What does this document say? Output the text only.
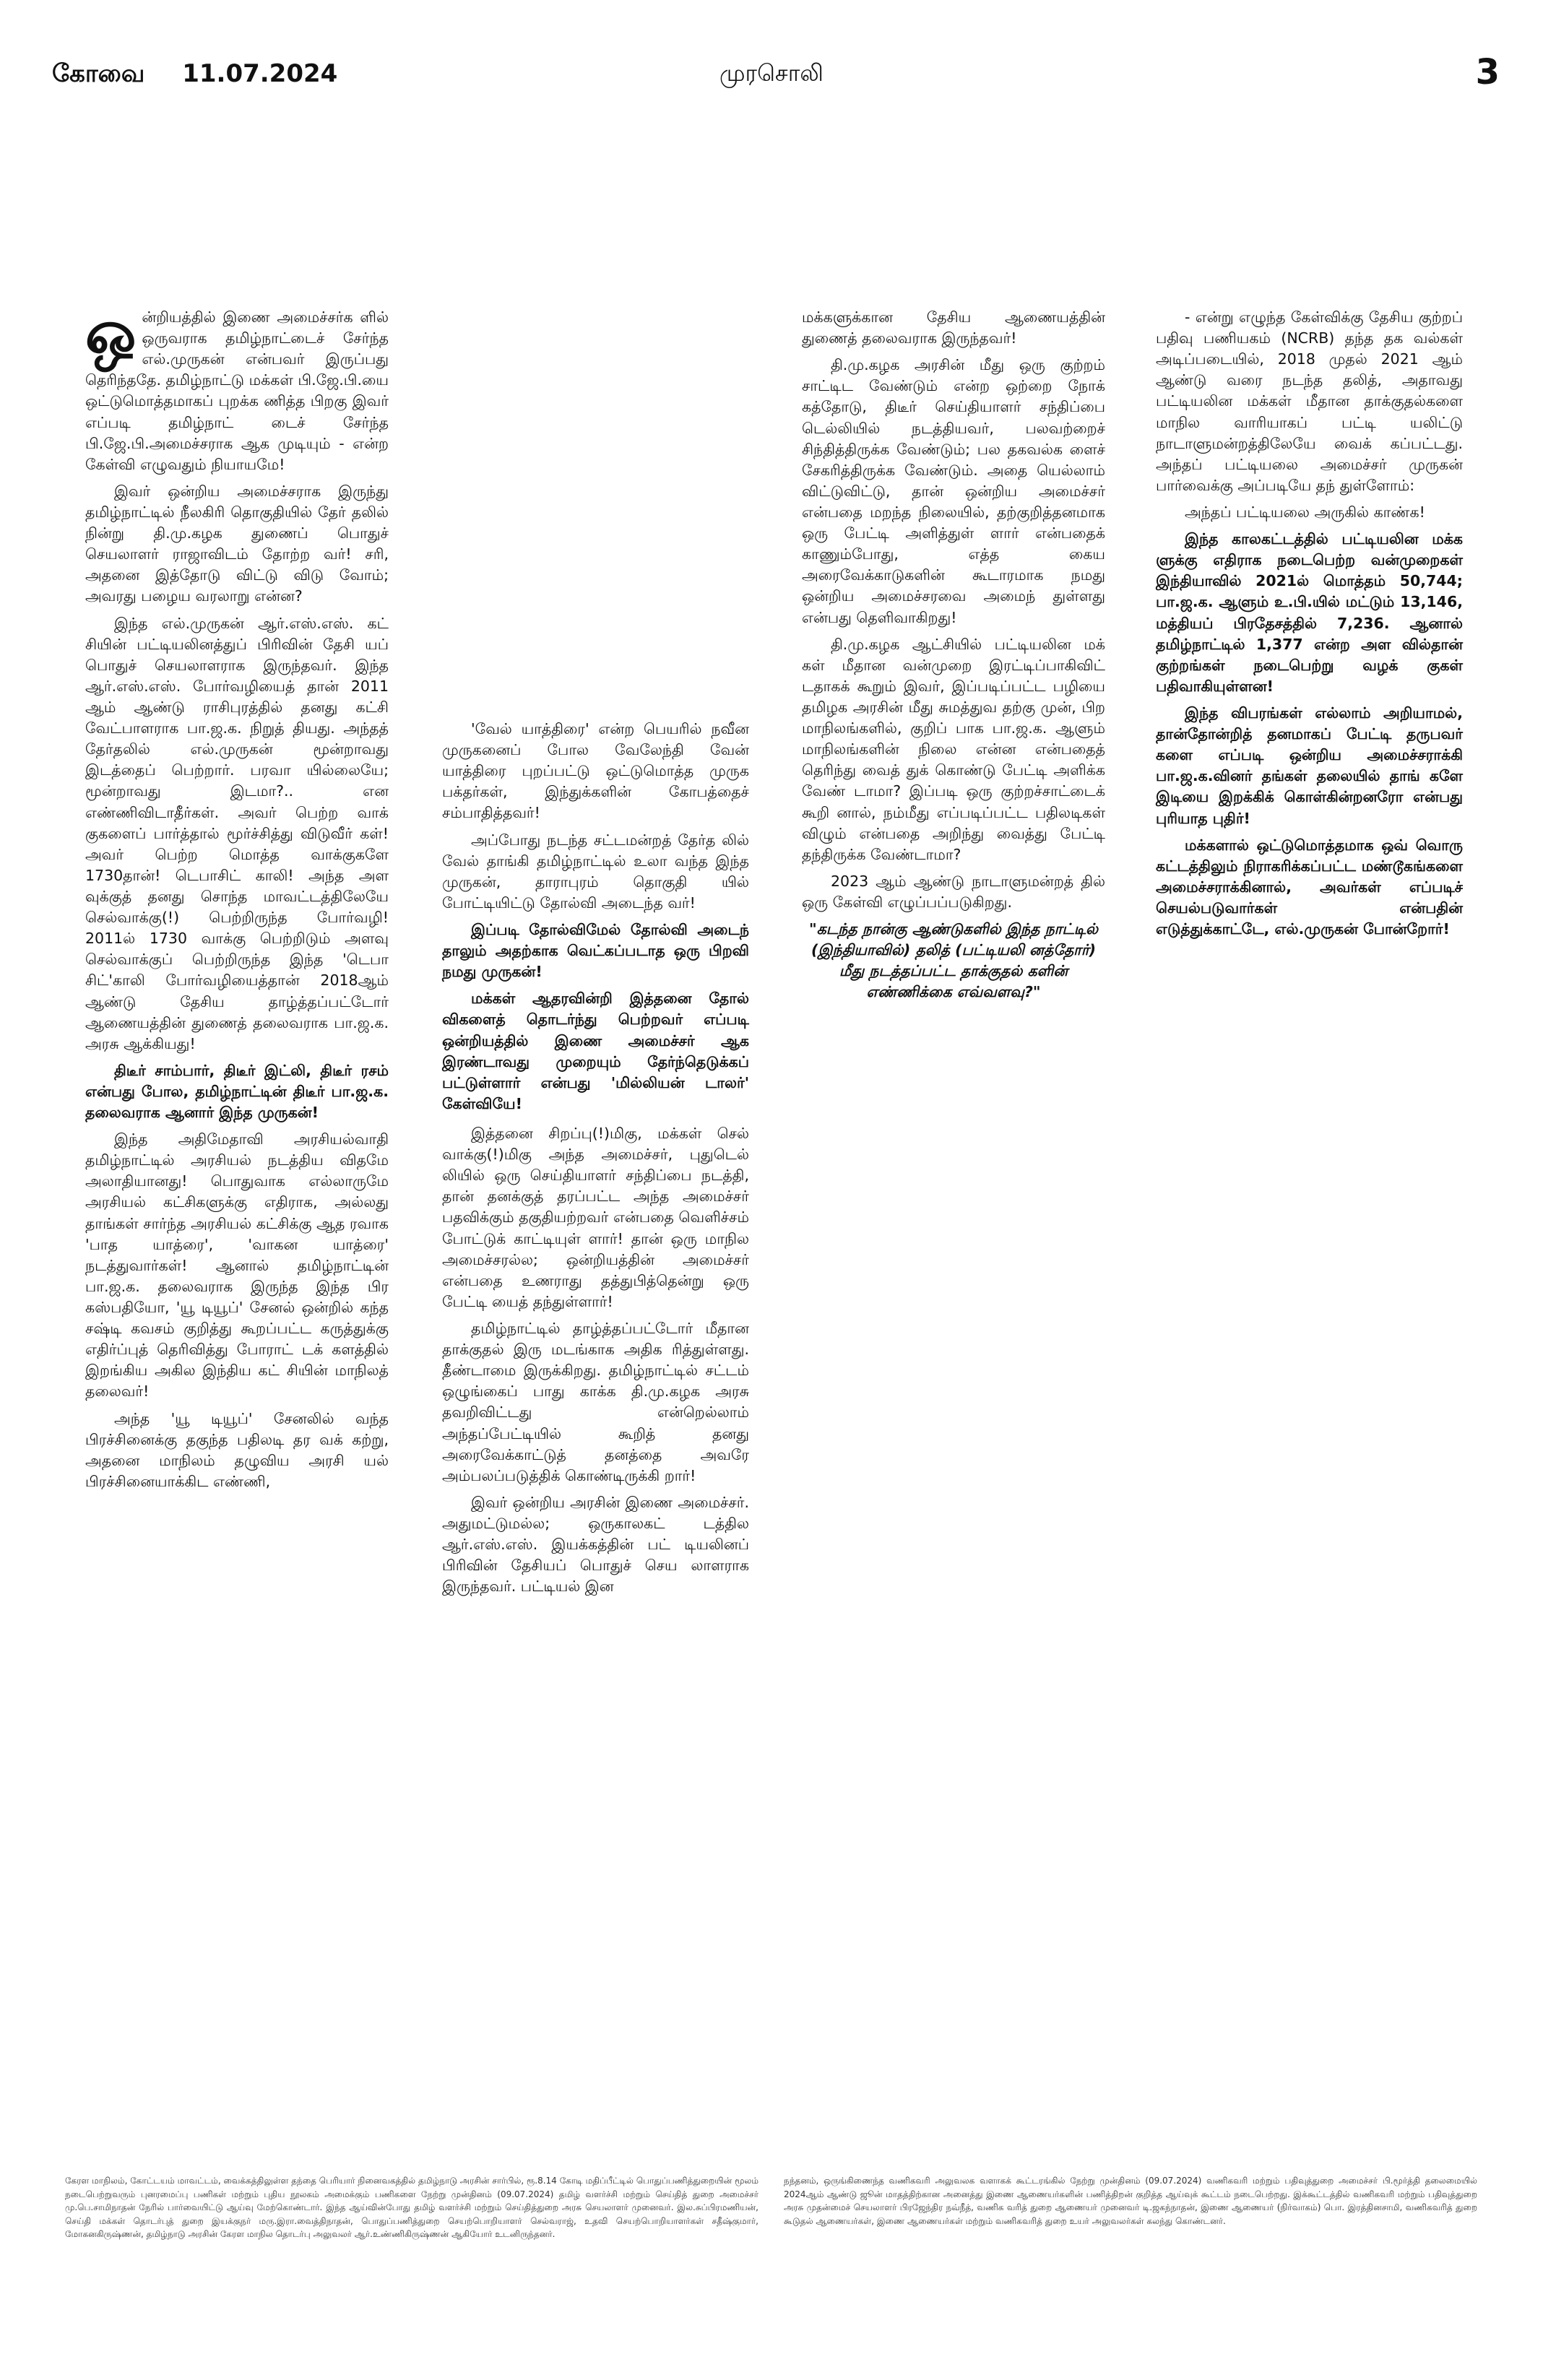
கோவை 11.07.2024	முரசொலி	3

ஒன்றியத்தில் இணை அமைச்சர்க ளில் ஒருவராக தமிழ்நாட்டைச் சேர்ந்த எல்.முருகன் என்பவர் இருப்பது தெரிந்ததே. தமிழ்நாட்டு மக்கள் பி.ஜே.பி.யை ஒட்டுமொத்தமாகப் புறக்க ணித்த பிறகு இவர் எப்படி தமிழ்நாட் டைச் சேர்ந்த பி.ஜே.பி.அமைச்சராக ஆக முடியும் - என்ற கேள்வி எழுவதும் நியாயமே!

இவர் ஒன்றிய அமைச்சராக இருந்து தமிழ்நாட்டில் நீலகிரி தொகுதியில் தேர் தலில் நின்று தி.மு.கழக துணைப் பொதுச் செயலாளர் ராஜாவிடம் தோற்ற வர்! சரி, அதனை இத்தோடு விட்டு விடு வோம்; அவரது பழைய வரலாறு என்ன?

இந்த எல்.முருகன் ஆர்.எஸ்.எஸ். கட் சியின் பட்டியலினத்துப் பிரிவின் தேசி யப் பொதுச் செயலாளராக இருந்தவர். இந்த ஆர்.எஸ்.எஸ். போர்வழியைத் தான் 2011 ஆம் ஆண்டு ராசிபுரத்தில் தனது கட்சி வேட்பாளராக பா.ஜ.க. நிறுத் தியது. அந்தத் தேர்தலில் எல்.முருகன் மூன்றாவது இடத்தைப் பெற்றார். பரவா யில்லையே; மூன்றாவது இடமா?.. என எண்ணிவிடாதீர்கள். அவர் பெற்ற வாக் குகளைப் பார்த்தால் மூர்ச்சித்து விடுவீர் கள்! அவர் பெற்ற மொத்த வாக்குகளே 1730தான்! டெபாசிட் காலி! அந்த அள வுக்குத் தனது சொந்த மாவட்டத்திலேயே செல்வாக்கு(!) பெற்றிருந்த போர்வழி! 2011ல் 1730 வாக்கு பெற்றிடும் அளவு செல்வாக்குப் பெற்றிருந்த இந்த 'டெபா சிட்'காலி போர்வழியைத்தான் 2018ஆம் ஆண்டு தேசிய தாழ்த்தப்பட்டோர் ஆணையத்தின் துணைத் தலைவராக பா.ஜ.க. அரசு ஆக்கியது!

திடீர் சாம்பார், திடீர் இட்லி, திடீர் ரசம் என்பது போல, தமிழ்நாட்டின் திடீர் பா.ஜ.க. தலைவராக ஆனார் இந்த முருகன்!

இந்த அதிமேதாவி அரசியல்வாதி தமிழ்நாட்டில் அரசியல் நடத்திய விதமே அலாதியானது! பொதுவாக எல்லாருமே அரசியல் கட்சிகளுக்கு எதிராக, அல்லது தாங்கள் சார்ந்த அரசியல் கட்சிக்கு ஆத ரவாக 'பாத யாத்ரை', 'வாகன யாத்ரை' நடத்துவார்கள்! ஆனால் தமிழ்நாட்டின் பா.ஜ.க. தலைவராக இருந்த இந்த பிர கஸ்பதியோ, 'யூ டியூப்' சேனல் ஒன்றில் கந்த சஷ்டி கவசம் குறித்து கூறப்பட்ட கருத்துக்கு எதிர்ப்புத் தெரிவித்து போராட் டக் களத்தில் இறங்கிய அகில இந்திய கட் சியின் மாநிலத் தலைவர்!

அந்த 'யூ டியூப்' சேனலில் வந்த பிரச்சினைக்கு தகுந்த பதிலடி தர வக் கற்று, அதனை மாநிலம் தழுவிய அரசி யல் பிரச்சினையாக்கிட எண்ணி,

'வேல் யாத்திரை' என்ற பெயரில் நவீன முருகனைப் போல வேலேந்தி வேன் யாத்திரை புறப்பட்டு ஒட்டுமொத்த முருக பக்தர்கள், இந்துக்களின் கோபத்தைச் சம்பாதித்தவர்!

அப்போது நடந்த சட்டமன்றத் தேர்த லில் வேல் தாங்கி தமிழ்நாட்டில் உலா வந்த இந்த முருகன், தாராபுரம் தொகுதி யில் போட்டியிட்டு தோல்வி அடைந்த வர்!

இப்படி தோல்விமேல் தோல்வி அடைந் தாலும் அதற்காக வெட்கப்படாத ஒரு பிறவி நமது முருகன்!

மக்கள் ஆதரவின்றி இத்தனை தோல் விகளைத் தொடர்ந்து பெற்றவர் எப்படி ஒன்றியத்தில் இணை அமைச்சர் ஆக இரண்டாவது முறையும் தேர்ந்தெடுக்கப் பட்டுள்ளார் என்பது 'மில்லியன் டாலர்' கேள்வியே!

இத்தனை சிறப்பு(!)மிகு, மக்கள் செல் வாக்கு(!)மிகு அந்த அமைச்சர், புதுடெல் லியில் ஒரு செய்தியாளர் சந்திப்பை நடத்தி, தான் தனக்குத் தரப்பட்ட அந்த அமைச்சர் பதவிக்கும் தகுதியற்றவர் என்பதை வெளிச்சம் போட்டுக் காட்டியுள் ளார்! தான் ஒரு மாநில அமைச்சரல்ல; ஒன்றியத்தின் அமைச்சர் என்பதை உணராது தத்துபித்தென்று ஒரு பேட்டி யைத் தந்துள்ளார்!

தமிழ்நாட்டில் தாழ்த்தப்பட்டோர் மீதான தாக்குதல் இரு மடங்காக அதிக ரித்துள்ளது. தீண்டாமை இருக்கிறது. தமிழ்நாட்டில் சட்டம் ஒழுங்கைப் பாது காக்க தி.மு.கழக அரசு தவறிவிட்டது என்றெல்லாம் அந்தப்பேட்டியில் கூறித் தனது அரைவேக்காட்டுத் தனத்தை அவரே அம்பலப்படுத்திக் கொண்டிருக்கி றார்!

இவர் ஒன்றிய அரசின் இணை அமைச்சர். அதுமட்டுமல்ல; ஒருகாலகட் டத்தில ஆர்.எஸ்.எஸ். இயக்கத்தின் பட் டியலினப் பிரிவின் தேசியப் பொதுச் செய லாளராக இருந்தவர். பட்டியல் இன

மக்களுக்கான தேசிய ஆணையத்தின் துணைத் தலைவராக இருந்தவர்!

தி.மு.கழக அரசின் மீது ஒரு குற்றம் சாட்டிட வேண்டும் என்ற ஒற்றை நோக் கத்தோடு, திடீர் செய்தியாளர் சந்திப்பை டெல்லியில் நடத்தியவர், பலவற்றைச் சிந்தித்திருக்க வேண்டும்; பல தகவல்க ளைச் சேகரித்திருக்க வேண்டும். அதை யெல்லாம் விட்டுவிட்டு, தான் ஒன்றிய அமைச்சர் என்பதை மறந்த நிலையில், தற்குறித்தனமாக ஒரு பேட்டி அளித்துள் ளார் என்பதைக் காணும்போது, எத்த கைய அரைவேக்காடுகளின் கூடாரமாக நமது ஒன்றிய அமைச்சரவை அமைந் துள்ளது என்பது தெளிவாகிறது!

தி.மு.கழக ஆட்சியில் பட்டியலின மக் கள் மீதான வன்முறை இரட்டிப்பாகிவிட் டதாகக் கூறும் இவர், இப்படிப்பட்ட பழியை தமிழக அரசின் மீது சுமத்துவ தற்கு முன், பிற மாநிலங்களில், குறிப் பாக பா.ஜ.க. ஆளும் மாநிலங்களின் நிலை என்ன என்பதைத் தெரிந்து வைத் துக் கொண்டு பேட்டி அளிக்க வேண் டாமா? இப்படி ஒரு குற்றச்சாட்டைக் கூறி னால், நம்மீது எப்படிப்பட்ட பதிலடிகள் விழும் என்பதை அறிந்து வைத்து பேட்டி தந்திருக்க வேண்டாமா?

2023 ஆம் ஆண்டு நாடாளுமன்றத் தில் ஒரு கேள்வி எழுப்பப்படுகிறது.

"கடந்த நான்கு ஆண்டுகளில் இந்த நாட்டில் (இந்தியாவில்) தலித் (பட்டியலி னத்தோர்) மீது நடத்தப்பட்ட தாக்குதல் களின் எண்ணிக்கை எவ்வளவு?"

- என்று எழுந்த கேள்விக்கு தேசிய குற்றப் பதிவு பணியகம் (NCRB) தந்த தக வல்கள் அடிப்படையில், 2018 முதல் 2021 ஆம் ஆண்டு வரை நடந்த தலித், அதாவது பட்டியலின மக்கள் மீதான தாக்குதல்களை மாநில வாரியாகப் பட்டி யலிட்டு நாடாளுமன்றத்திலேயே வைக் கப்பட்டது. அந்தப் பட்டியலை அமைச்சர் முருகன் பார்வைக்கு அப்படியே தந் துள்ளோம்:

அந்தப் பட்டியலை அருகில் காண்க!

இந்த காலகட்டத்தில் பட்டியலின மக்க ளுக்கு எதிராக நடைபெற்ற வன்முறைகள் இந்தியாவில் 2021ல் மொத்தம் 50,744; பா.ஜ.க. ஆளும் உ.பி.யில் மட்டும் 13,146, மத்தியப் பிரதேசத்தில் 7,236. ஆனால் தமிழ்நாட்டில் 1,377 என்ற அள வில்தான் குற்றங்கள் நடைபெற்று வழக் குகள் பதிவாகியுள்ளன!

இந்த விபரங்கள் எல்லாம் அறியாமல், தான்தோன்றித் தனமாகப் பேட்டி தருபவர் களை எப்படி ஒன்றிய அமைச்சராக்கி பா.ஜ.க.வினர் தங்கள் தலையில் தாங் களே இடியை இறக்கிக் கொள்கின்றனரோ என்பது புரியாத புதிர்!

மக்களால் ஒட்டுமொத்தமாக ஒவ் வொரு கட்டத்திலும் நிராகரிக்கப்பட்ட மண்டூகங்களை அமைச்சராக்கினால், அவர்கள் எப்படிச் செயல்படுவார்கள் என்பதின் எடுத்துக்காட்டே, எல்.முருகன் போன்றோர்!

கேரள மாநிலம், கோட்டயம் மாவட்டம், வைக்கத்திலுள்ள தந்தை பெரியார் நினைவகத்தில் தமிழ்நாடு அரசின் சார்பில், ரூ.8.14 கோடி மதிப்பீட்டில் பொதுப்பணித்துறையின் மூலம் நடைபெற்றுவரும் புனரமைப்பு பணிகள் மற்றும் புதிய நூலகம் அமைக்கும் பணிகளை நேற்று முன்தினம் (09.07.2024) தமிழ் வளர்ச்சி மற்றும் செய்தித் துறை அமைச்சர் மு.பெ.சாமிநாதன் நேரில் பார்வையிட்டு ஆய்வு மேற்கொண்டார். இந்த ஆய்வின்போது தமிழ் வளர்ச்சி மற்றும் செய்தித்துறை அரசு செயலாளர் முனைவர். இல.சுப்பிரமணியன், செய்தி மக்கள் தொடர்புத் துறை இயக்குநர் மரு.இரா.வைத்திநாதன், பொதுப்பணித்துறை செயற்பொறியாளர் செல்வராஜ், உதவி செயற்பொறியாளர்கள் சதீஷ்குமார், மோகனகிருஷ்ணன், தமிழ்நாடு அரசின் கேரள மாநில தொடர்பு அலுவலர் ஆர்.உண்ணிகிருஷ்ணன் ஆகியோர் உடனிருந்தனர்.
நந்தனம், ஒருங்கிணைந்த வணிகவரி அலுவலக வளாகக் கூட்டரங்கில் நேற்று முன்தினம் (09.07.2024) வணிகவரி மற்றும் பதிவுத்துறை அமைச்சர் பி.மூர்த்தி தலைமையில் 2024ஆம் ஆண்டு ஜூன் மாதத்திற்கான அனைத்து இணை ஆணையர்களின் பணித்திறன் குறித்த ஆய்வுக் கூட்டம் நடைபெற்றது. இக்கூட்டத்தில் வணிகவரி மற்றும் பதிவுத்துறை அரசு முதன்மைச் செயலாளர் பிரஜேந்திர நவ்நீத், வணிக வரித் துறை ஆணையர் முனைவர் டி.ஜகந்நாதன், இணை ஆணையர் (நிர்வாகம்) பொ. இரத்தினசாமி, வணிகவரித் துறை கூடுதல் ஆணையர்கள், இணை ஆணையர்கள் மற்றும் வணிகவரித் துறை உயர் அலுவலர்கள் கலந்து கொண்டனர்.
